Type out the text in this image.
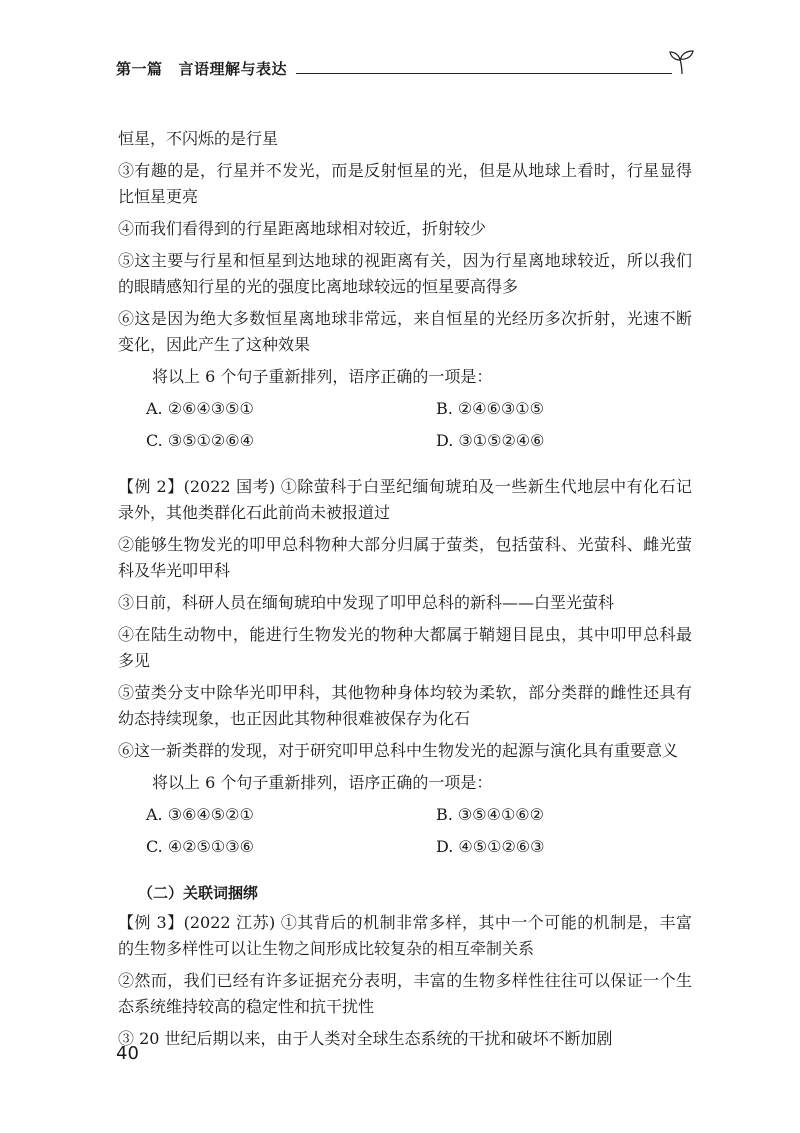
第一篇 言语理解与表达

恒星，不闪烁的是行星

③有趣的是，行星并不发光，而是反射恒星的光，但是从地球上看时，行星显得比恒星更亮

④而我们看得到的行星距离地球相对较近，折射较少

⑤这主要与行星和恒星到达地球的视距离有关，因为行星离地球较近，所以我们的眼睛感知行星的光的强度比离地球较远的恒星要高得多

⑥这是因为绝大多数恒星离地球非常远，来自恒星的光经历多次折射，光速不断变化，因此产生了这种效果

将以上 6 个句子重新排列，语序正确的一项是：

A. ②⑥④③⑤①	B. ②④⑥③①⑤
C. ③⑤①②⑥④	D. ③①⑤②④⑥

【例 2】(2022 国考) ①除萤科于白垩纪缅甸琥珀及一些新生代地层中有化石记录外，其他类群化石此前尚未被报道过

②能够生物发光的叩甲总科物种大部分归属于萤类，包括萤科、光萤科、雌光萤科及华光叩甲科

③日前，科研人员在缅甸琥珀中发现了叩甲总科的新科——白垩光萤科

④在陆生动物中，能进行生物发光的物种大都属于鞘翅目昆虫，其中叩甲总科最多见

⑤萤类分支中除华光叩甲科，其他物种身体均较为柔软，部分类群的雌性还具有幼态持续现象，也正因此其物种很难被保存为化石

⑥这一新类群的发现，对于研究叩甲总科中生物发光的起源与演化具有重要意义

将以上 6 个句子重新排列，语序正确的一项是：

A. ③⑥④⑤②①	B. ③⑤④①⑥②
C. ④②⑤①③⑥	D. ④⑤①②⑥③
（二）关联词捆绑

【例 3】(2022 江苏) ①其背后的机制非常多样，其中一个可能的机制是，丰富的生物多样性可以让生物之间形成比较复杂的相互牵制关系

②然而，我们已经有许多证据充分表明，丰富的生物多样性往往可以保证一个生态系统维持较高的稳定性和抗干扰性

③ 20 世纪后期以来，由于人类对全球生态系统的干扰和破坏不断加剧

40
